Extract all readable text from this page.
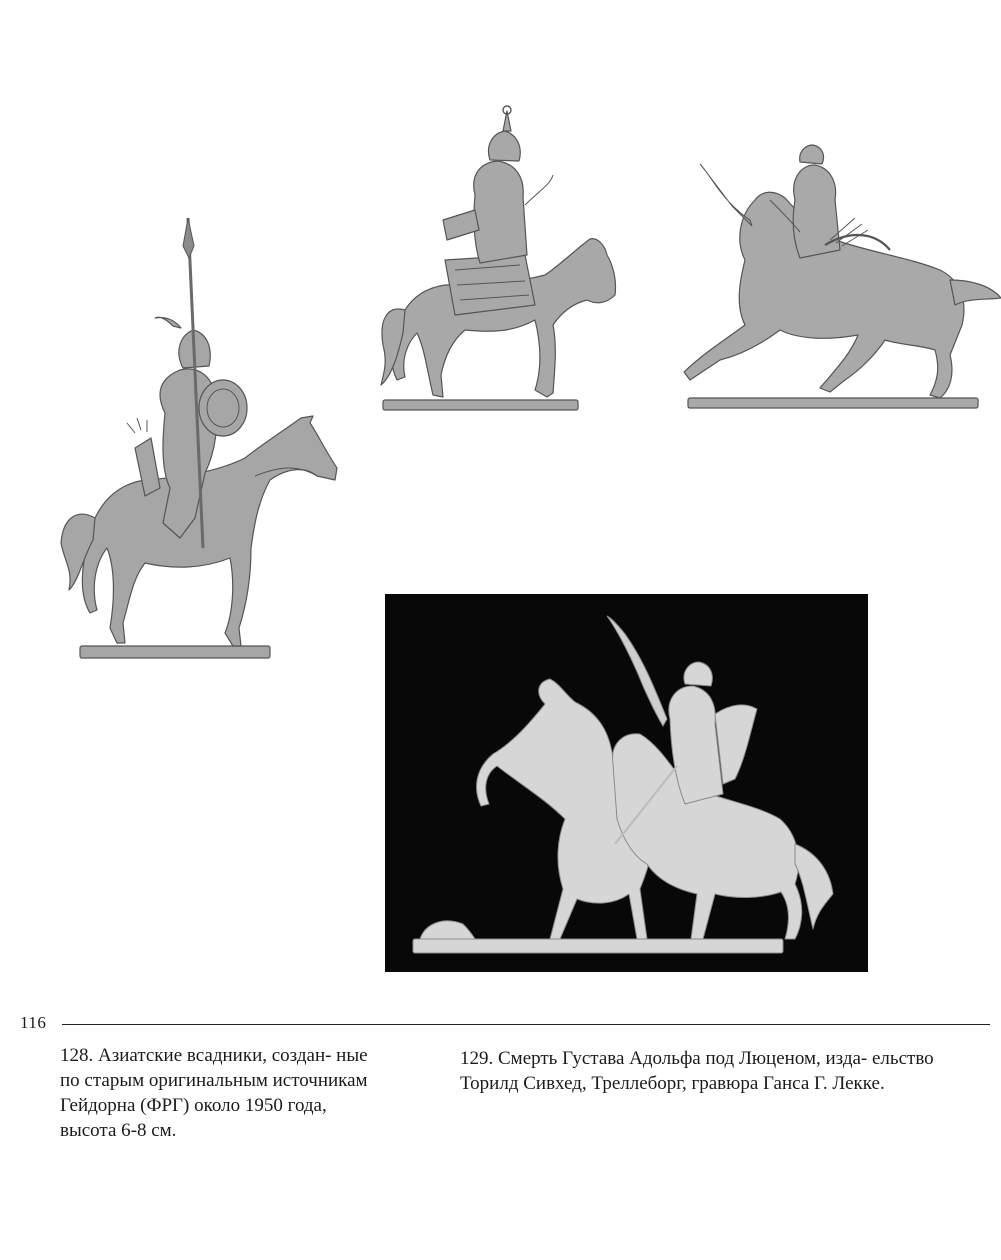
116

128. Азиатские всадники, создан- ные по старым оригинальным источникам Гейдорна (ФРГ) около 1950 года, высота 6-8 см.

129. Смерть Густава Адольфа под Люценом, изда- ельство Торилд Сивхед, Треллеборг, гравюра Ганса Г. Лекке.
